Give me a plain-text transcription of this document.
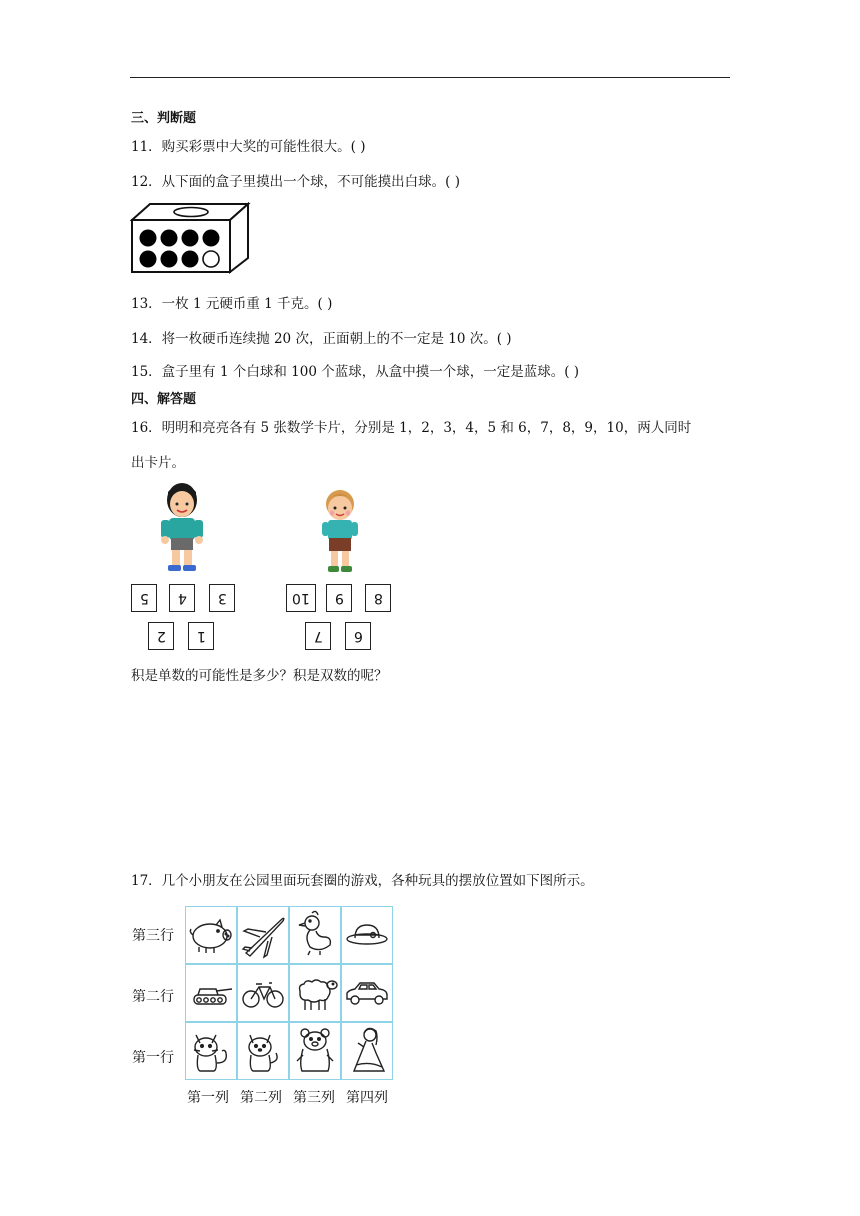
三、判断题
11．购买彩票中大奖的可能性很大。( )
12．从下面的盒子里摸出一个球，不可能摸出白球。( )
13．一枚 1 元硬币重 1 千克。( )
14．将一枚硬币连续抛 20 次，正面朝上的不一定是 10 次。( )
15．盒子里有 1 个白球和 100 个蓝球，从盒中摸一个球，一定是蓝球。( )
四、解答题
16．明明和亮亮各有 5 张数学卡片，分别是 1，2，3，4，5 和 6，7，8，9，10，两人同时
出卡片。
5 4 3
2 1
10 9 8
7 6
积是单数的可能性是多少？积是双数的呢？
17．几个小朋友在公园里面玩套圈的游戏，各种玩具的摆放位置如下图所示。
第三行
第二行
第一行
第一列 第二列 第三列 第四列
